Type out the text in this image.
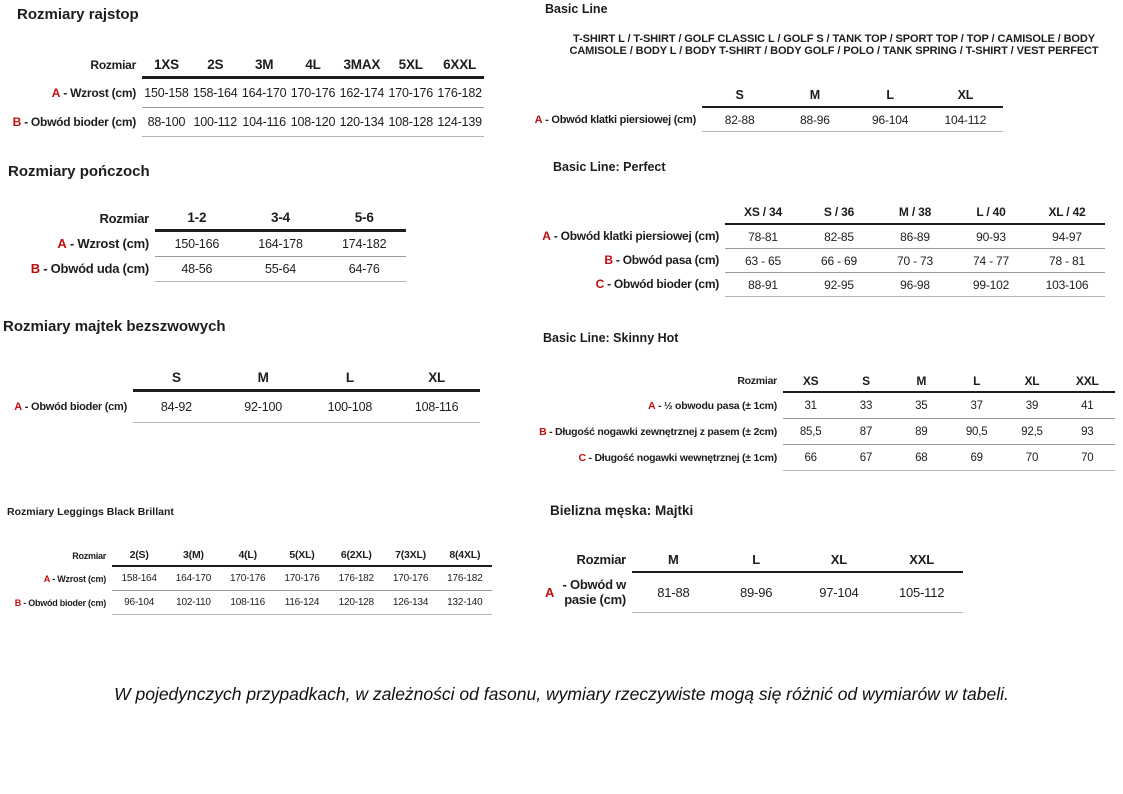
Rozmiary rajstop
Rozmiar	1XS	2S	3M	4L	3MAX	5XL	6XXL
A - Wzrost (cm) 150-158 158-164 164-170 170-176 162-174 170-176 176-182
B - Obwód bioder (cm) 88-100 100-112 104-116 108-120 120-134 108-128 124-139
Rozmiary pończoch
Rozmiar	1-2	3-4	5-6
A - Wzrost (cm)	150-166	164-178	174-182
B - Obwód uda (cm)	48-56	55-64	64-76
Rozmiary majtek bezszwowych
S	M	L	XL
A - Obwód bioder (cm)	84-92	92-100	100-108	108-116
Rozmiary Leggings Black Brillant
Rozmiar	2(S)	3(M)	4(L)	5(XL)	6(2XL)	7(3XL)	8(4XL)
A - Wzrost (cm)	158-164	164-170	170-176	170-176	176-182	170-176	176-182
B - Obwód bioder (cm)	96-104	102-110	108-116	116-124	120-128	126-134	132-140
Basic Line
T-SHIRT L / T-SHIRT / GOLF CLASSIC L / GOLF S / TANK TOP / SPORT TOP / TOP / CAMISOLE / BODY
CAMISOLE / BODY L / BODY T-SHIRT / BODY GOLF / POLO / TANK SPRING / T-SHIRT / VEST PERFECT
S	M	L	XL
A - Obwód klatki piersiowej (cm)	82-88	88-96	96-104	104-112
Basic Line: Perfect
XS / 34	S / 36	M / 38	L / 40	XL / 42
A - Obwód klatki piersiowej (cm)	78-81	82-85	86-89	90-93	94-97
B - Obwód pasa (cm)	63 - 65	66 - 69	70 - 73	74 - 77	78 - 81
C - Obwód bioder (cm)	88-91	92-95	96-98	99-102	103-106
Basic Line: Skinny Hot
Rozmiar	XS	S	M	L	XL	XXL
A - ½ obwodu pasa (± 1cm)	31	33	35	37	39	41
B - Długość nogawki zewnętrznej z pasem (± 2cm)	85,5	87	89	90,5	92,5	93
C - Długość nogawki wewnętrznej (± 1cm)	66	67	68	69	70	70
Bielizna męska: Majtki
Rozmiar	M	L	XL	XXL
A - Obwód w pasie (cm)	81-88	89-96	97-104	105-112

W pojedynczych przypadkach, w zależności od fasonu, wymiary rzeczywiste mogą się różnić od wymiarów w tabeli.
